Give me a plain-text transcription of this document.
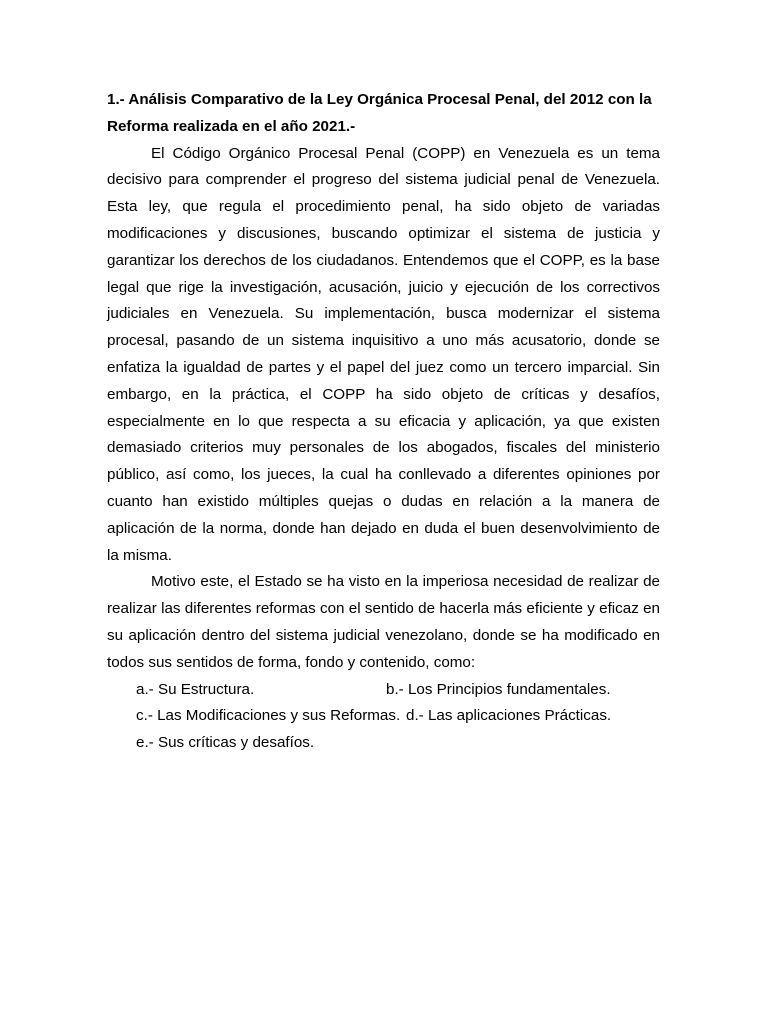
1.- Análisis Comparativo de la Ley Orgánica Procesal Penal, del 2012 con la Reforma realizada en el año 2021.-

El Código Orgánico Procesal Penal (COPP) en Venezuela es un tema decisivo para comprender el progreso del sistema judicial penal de Venezuela. Esta ley, que regula el procedimiento penal, ha sido objeto de variadas modificaciones y discusiones, buscando optimizar el sistema de justicia y garantizar los derechos de los ciudadanos. Entendemos que el COPP, es la base legal que rige la investigación, acusación, juicio y ejecución de los correctivos judiciales en Venezuela. Su implementación, busca modernizar el sistema procesal, pasando de un sistema inquisitivo a uno más acusatorio, donde se enfatiza la igualdad de partes y el papel del juez como un tercero imparcial. Sin embargo, en la práctica, el COPP ha sido objeto de críticas y desafíos, especialmente en lo que respecta a su eficacia y aplicación, ya que existen demasiado criterios muy personales de los abogados, fiscales del ministerio público, así como, los jueces, la cual ha conllevado a diferentes opiniones por cuanto han existido múltiples quejas o dudas en relación a la manera de aplicación de la norma, donde han dejado en duda el buen desenvolvimiento de la misma.

Motivo este, el Estado se ha visto en la imperiosa necesidad de realizar de realizar las diferentes reformas con el sentido de hacerla más eficiente y eficaz en su aplicación dentro del sistema judicial venezolano, donde se ha modificado en todos sus sentidos de forma, fondo y contenido, como:

a.- Su Estructura.	b.- Los Principios fundamentales.
c.- Las Modificaciones y sus Reformas. d.- Las aplicaciones Prácticas.
e.- Sus críticas y desafíos.
